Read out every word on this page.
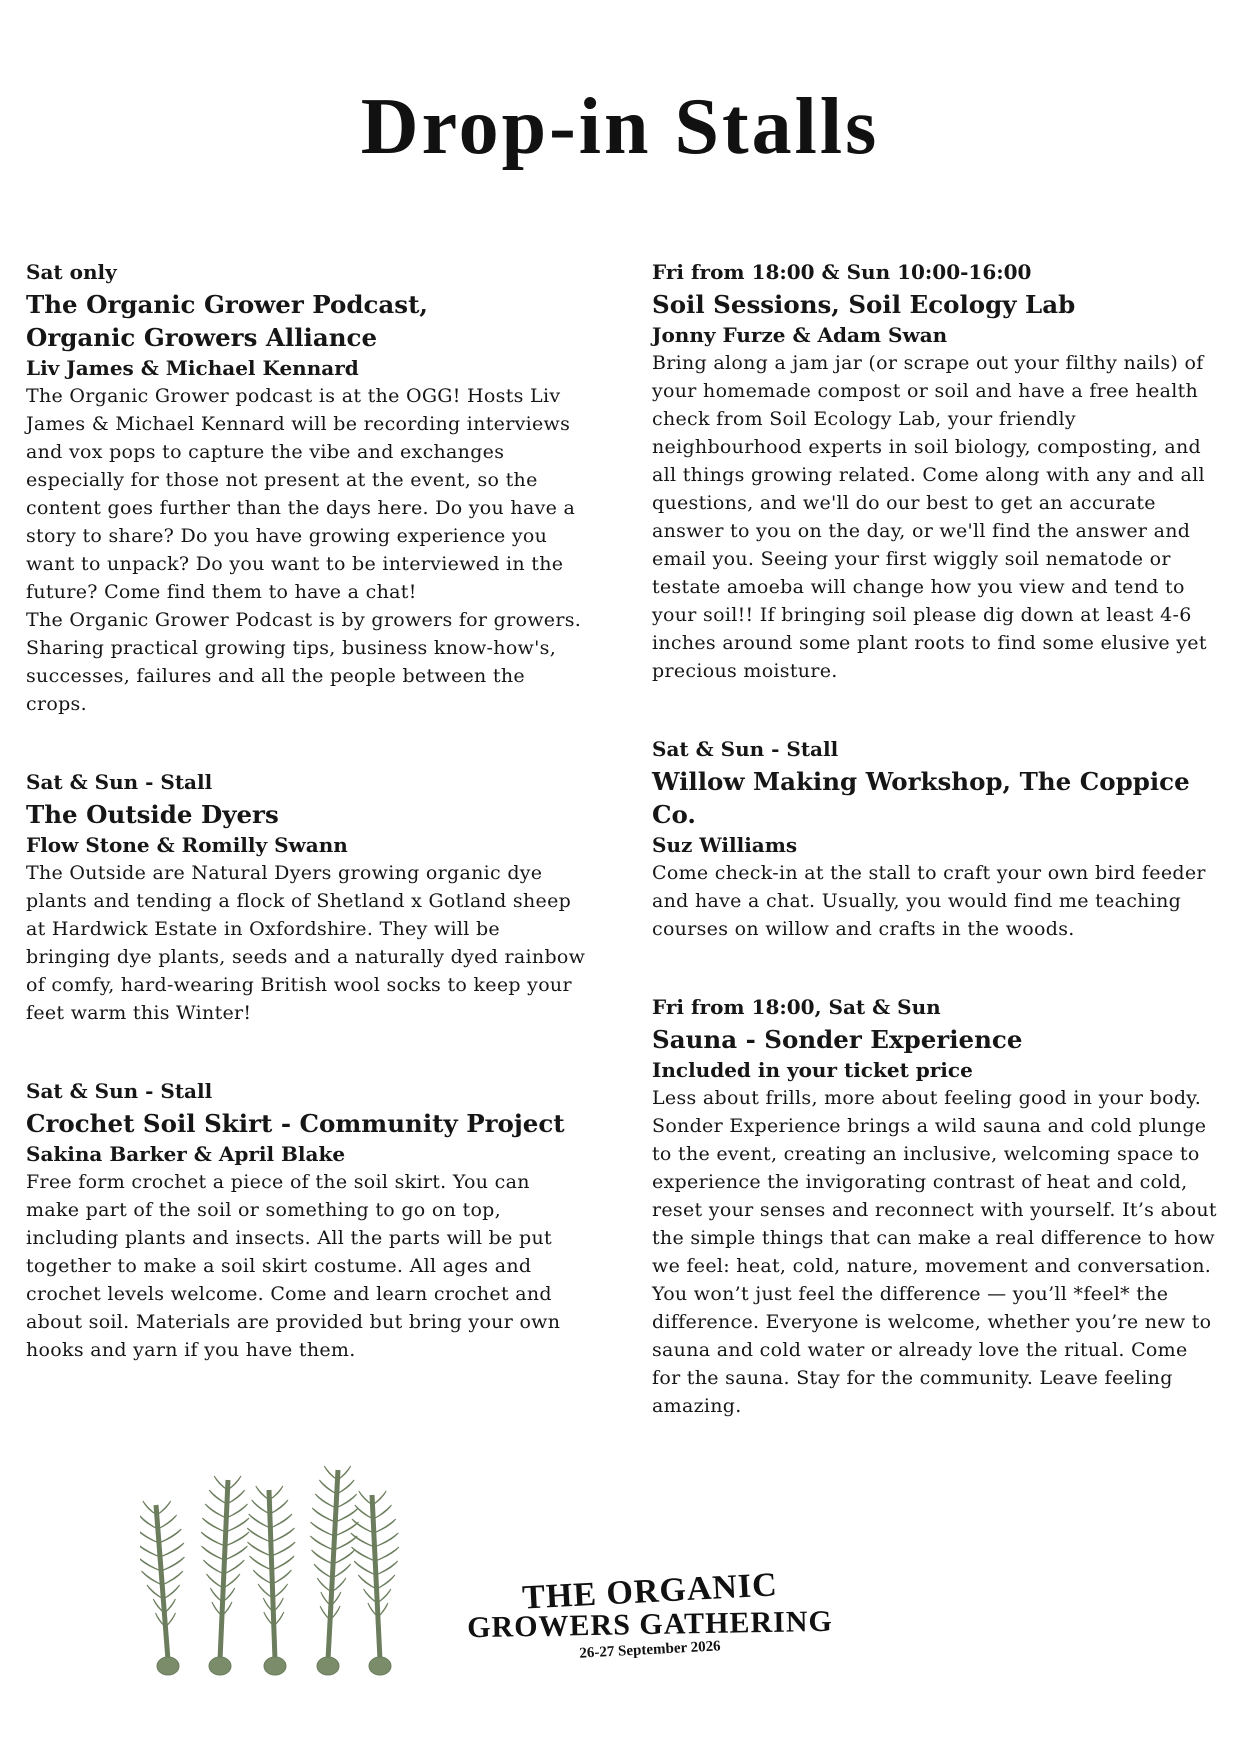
Drop-in Stalls
Sat only
The Organic Grower Podcast,
Organic Growers Alliance
Liv James & Michael Kennard

The Organic Grower podcast is at the OGG! Hosts Liv James & Michael Kennard will be recording interviews and vox pops to capture the vibe and exchanges especially for those not present at the event, so the content goes further than the days here. Do you have a story to share? Do you have growing experience you want to unpack? Do you want to be interviewed in the future? Come find them to have a chat!

The Organic Grower Podcast is by growers for growers. Sharing practical growing tips, business know-how's, successes, failures and all the people between the crops.

Sat & Sun - Stall
The Outside Dyers
Flow Stone & Romilly Swann

The Outside are Natural Dyers growing organic dye plants and tending a flock of Shetland x Gotland sheep at Hardwick Estate in Oxfordshire. They will be bringing dye plants, seeds and a naturally dyed rainbow of comfy, hard-wearing British wool socks to keep your feet warm this Winter!

Sat & Sun - Stall
Crochet Soil Skirt - Community Project
Sakina Barker & April Blake

Free form crochet a piece of the soil skirt. You can make part of the soil or something to go on top, including plants and insects. All the parts will be put together to make a soil skirt costume. All ages and crochet levels welcome. Come and learn crochet and about soil. Materials are provided but bring your own hooks and yarn if you have them.

Fri from 18:00 & Sun 10:00-16:00
Soil Sessions, Soil Ecology Lab
Jonny Furze & Adam Swan

Bring along a jam jar (or scrape out your filthy nails) of your homemade compost or soil and have a free health check from Soil Ecology Lab, your friendly neighbourhood experts in soil biology, composting, and all things growing related. Come along with any and all questions, and we'll do our best to get an accurate answer to you on the day, or we'll find the answer and email you. Seeing your first wiggly soil nematode or testate amoeba will change how you view and tend to your soil!! If bringing soil please dig down at least 4-6 inches around some plant roots to find some elusive yet precious moisture.

Sat & Sun - Stall
Willow Making Workshop, The Coppice Co.
Suz Williams

Come check-in at the stall to craft your own bird feeder and have a chat. Usually, you would find me teaching courses on willow and crafts in the woods.

Fri from 18:00, Sat & Sun
Sauna - Sonder Experience
Included in your ticket price

Less about frills, more about feeling good in your body. Sonder Experience brings a wild sauna and cold plunge to the event, creating an inclusive, welcoming space to experience the invigorating contrast of heat and cold, reset your senses and reconnect with yourself. It’s about the simple things that can make a real difference to how we feel: heat, cold, nature, movement and conversation.

You won’t just feel the difference — you’ll *feel* the difference. Everyone is welcome, whether you’re new to sauna and cold water or already love the ritual. Come for the sauna. Stay for the community. Leave feeling amazing.

THE ORGANIC
GROWERS GATHERING
26-27 September 2026
